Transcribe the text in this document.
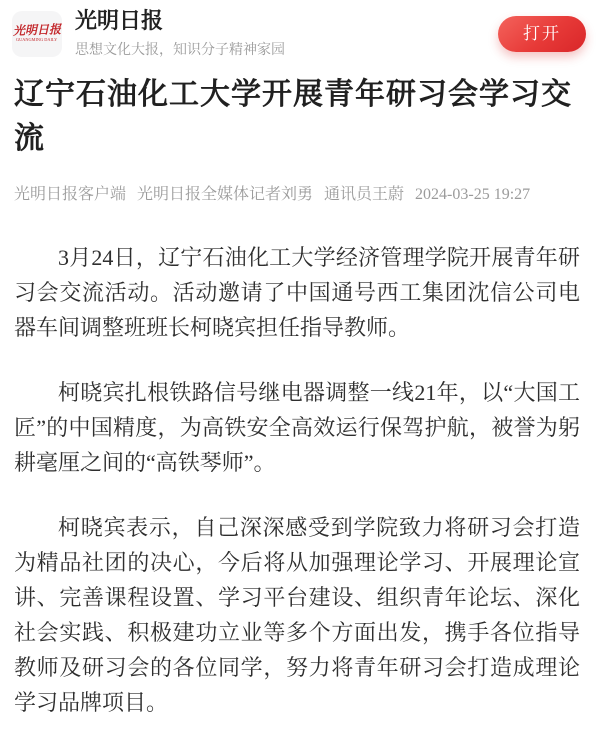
光明日报
GUANGMING DAILY
光明日报
思想文化大报，知识分子精神家园
打开
辽宁石油化工大学开展青年研习会学习交流
光明日报客户端 光明日报全媒体记者刘勇 通讯员王蔚 2024-03-25 19:27

3月24日，辽宁石油化工大学经济管理学院开展青年研习会交流活动。活动邀请了中国通号西工集团沈信公司电器车间调整班班长柯晓宾担任指导教师。

柯晓宾扎根铁路信号继电器调整一线21年，以“大国工匠”的中国精度，为高铁安全高效运行保驾护航，被誉为躬耕毫厘之间的“高铁琴师”。

柯晓宾表示，自己深深感受到学院致力将研习会打造为精品社团的决心，今后将从加强理论学习、开展理论宣讲、完善课程设置、学习平台建设、组织青年论坛、深化社会实践、积极建功立业等多个方面出发，携手各位指导教师及研习会的各位同学，努力将青年研习会打造成理论学习品牌项目。
